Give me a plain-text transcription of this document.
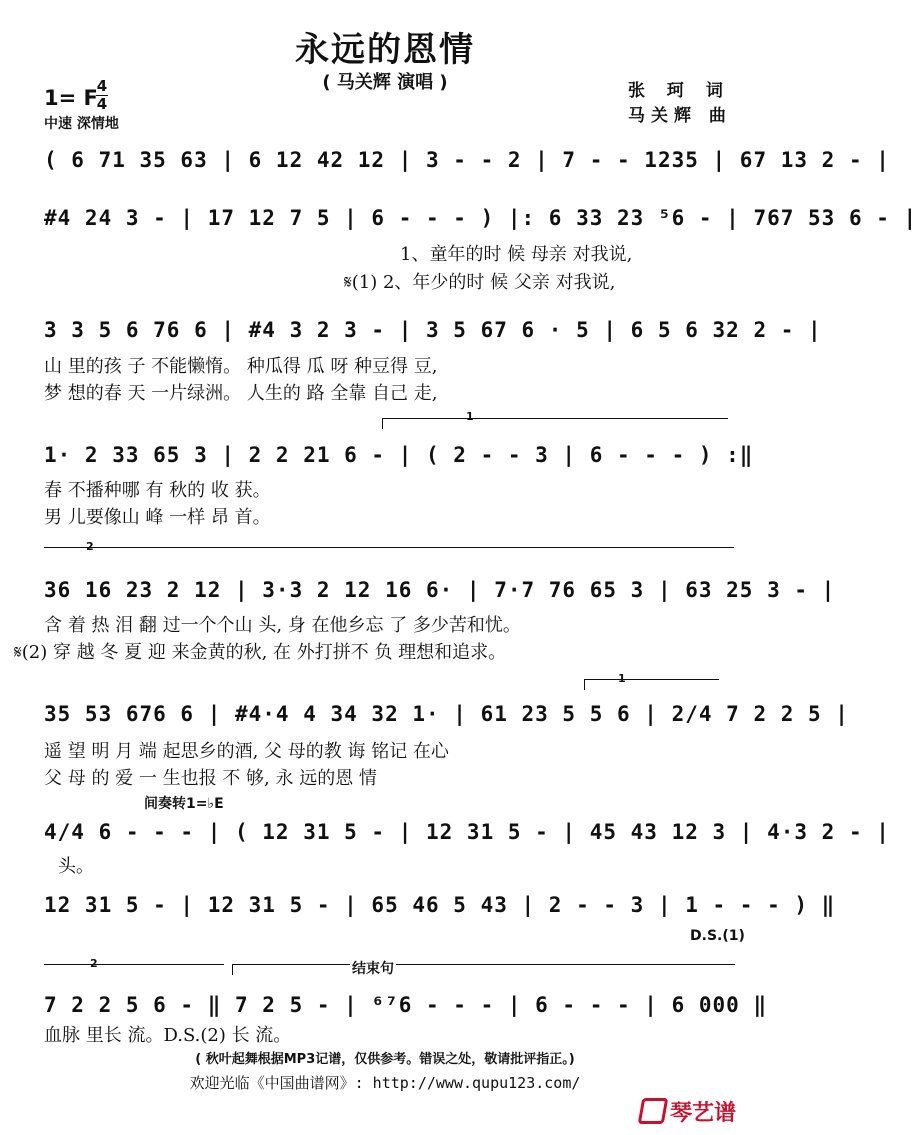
永远的恩情
( 马关辉 演唱 )	张 珂 词
马关辉 曲
1= F
4
4
中速 深情地
( 6 71 35 63 | 6 12 42 12 | 3 - - 2 | 7 - - 1235 | 67 13 2 - |
#4 24 3 - | 17 12 7 5 | 6 - - - ) |: 6 33 23 ⁵6 - | 767 53 6 - |
1、童年的时 候 母亲 对我说,
𝄋(1) 2、年少的时 候 父亲 对我说,
3 3 5 6 76 6 | #4 3 2 3 - | 3 5 67 6 · 5 | 6 5 6 32 2 - |
山 里的孩 子 不能懒惰。 种瓜得 瓜 呀 种豆得 豆,
梦 想的春 天 一片绿洲。 人生的 路 全靠 自己 走,
1
1· 2 33 65 3 | 2 2 21 6 - | ( 2 - - 3 | 6 - - - ) :‖
春 不播种哪 有 秋的 收 获。
男 儿要像山 峰 一样 昂 首。
2
36 16 23 2 12 | 3·3 2 12 16 6· | 7·7 76 65 3 | 63 25 3 - |
含 着 热 泪 翻 过一个个山 头, 身 在他乡忘 了 多少苦和忧。
𝄋(2) 穿 越 冬 夏 迎 来金黄的秋, 在 外打拼不 负 理想和追求。
1
35 53 676 6 | #4·4 4 34 32 1· | 61 23 5 5 6 | 2/4 7 2 2 5 |
遥 望 明 月 端 起思乡的酒, 父 母的教 诲 铭记 在心
父 母 的 爱 一 生也报 不 够, 永 远的恩 情
间奏转1=♭E
4/4 6 - - - | ( 12 31 5 - | 12 31 5 - | 45 43 12 3 | 4·3 2 - |
头。
12 31 5 - | 12 31 5 - | 65 46 5 43 | 2 - - 3 | 1 - - - ) ‖
D.S.(1)
2	结束句
7 2 2 5 6 - ‖ 7 2 5 - | ⁶⁷6 - - - | 6 - - - | 6 000 ‖
血脉 里长 流。D.S.(2) 长 流。
( 秋叶起舞根据MP3记谱，仅供参考。错误之处，敬请批评指正。)
欢迎光临《中国曲谱网》: http://www.qupu123.com/
琴艺谱
